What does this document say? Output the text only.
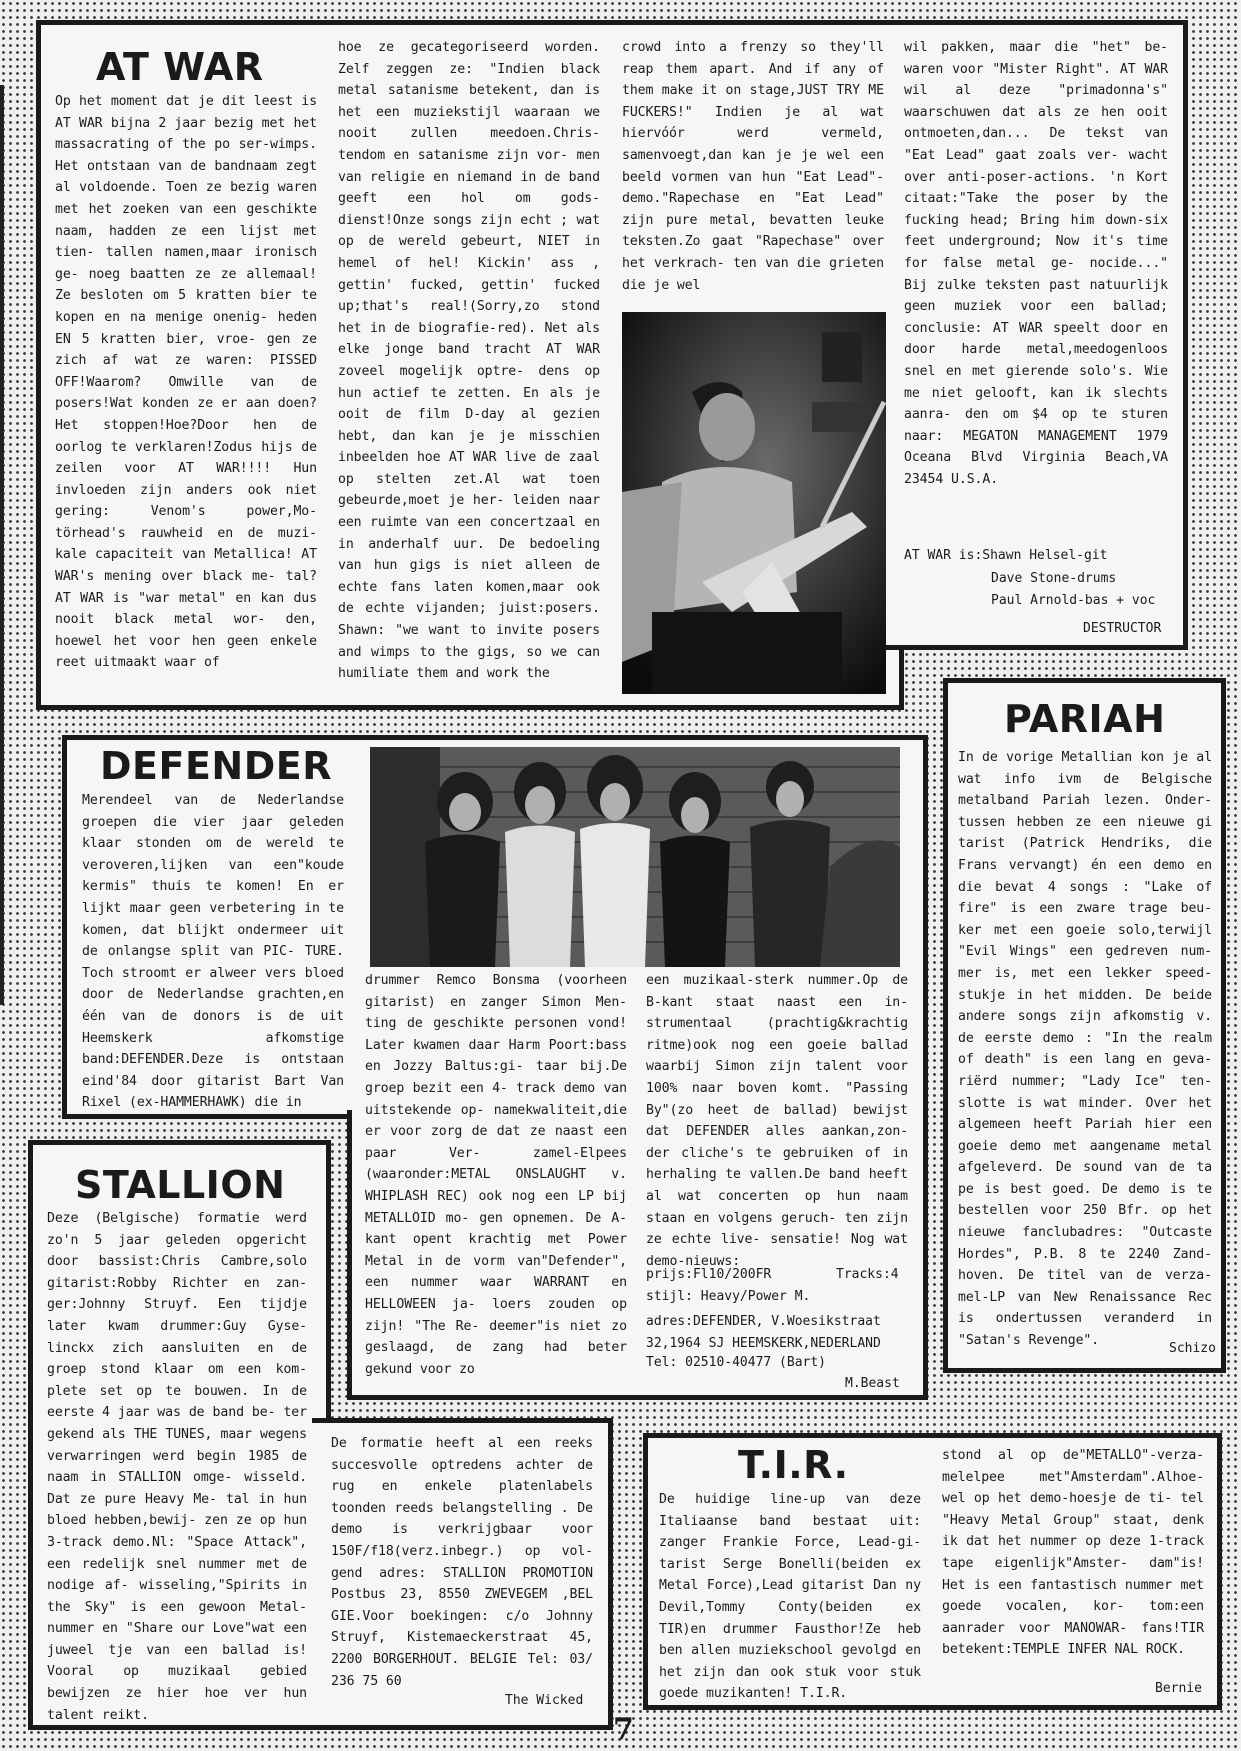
AT WAR
Op het moment dat je dit leest is AT WAR bijna 2 jaar bezig met het massacrating of the po ser-wimps. Het ontstaan van de bandnaam zegt al voldoende. Toen ze bezig waren met het zoeken van een geschikte naam, hadden ze een lijst met tien- tallen namen,maar ironisch ge- noeg baatten ze ze allemaal! Ze besloten om 5 kratten bier te kopen en na menige onenig- heden EN 5 kratten bier, vroe- gen ze zich af wat ze waren: PISSED OFF!Waarom? Omwille van de posers!Wat konden ze er aan doen? Het stoppen!Hoe?Door hen de oorlog te verklaren!Zodus hijs de zeilen voor AT WAR!!!! Hun invloeden zijn anders ook niet gering: Venom's power,Mo- törhead's rauwheid en de muzi- kale capaciteit van Metallica! AT WAR's mening over black me- tal? AT WAR is "war metal" en kan dus nooit black metal wor- den, hoewel het voor hen geen enkele reet uitmaakt waar of
hoe ze gecategoriseerd worden. Zelf zeggen ze: "Indien black metal satanisme betekent, dan is het een muziekstijl waaraan we nooit zullen meedoen.Chris- tendom en satanisme zijn vor- men van religie en niemand in de band geeft een hol om gods- dienst!Onze songs zijn echt ; wat op de wereld gebeurt, NIET in hemel of hel! Kickin' ass , gettin' fucked, gettin' fucked up;that's real!(Sorry,zo stond het in de biografie-red). Net als elke jonge band tracht AT WAR zoveel mogelijk optre- dens op hun actief te zetten. En als je ooit de film D-day al gezien hebt, dan kan je je misschien inbeelden hoe AT WAR live de zaal op stelten zet.Al wat toen gebeurde,moet je her- leiden naar een ruimte van een concertzaal en in anderhalf uur. De bedoeling van hun gigs is niet alleen de echte fans laten komen,maar ook de echte vijanden; juist:posers. Shawn: "we want to invite posers and wimps to the gigs, so we can humiliate them and work the
crowd into a frenzy so they'll reap them apart. And if any of them make it on stage,JUST TRY ME FUCKERS!" Indien je al wat hiervóór werd vermeld, samenvoegt,dan kan je je wel een beeld vormen van hun "Eat Lead"-demo."Rapechase en "Eat Lead" zijn pure metal, bevatten leuke teksten.Zo gaat "Rapechase" over het verkrach- ten van die grieten die je wel
wil pakken, maar die "het" be- waren voor "Mister Right". AT WAR wil al deze "primadonna's" waarschuwen dat als ze hen ooit ontmoeten,dan... De tekst van "Eat Lead" gaat zoals ver- wacht over anti-poser-actions. 'n Kort citaat:"Take the poser by the fucking head; Bring him down-six feet underground; Now it's time for false metal ge- nocide..." Bij zulke teksten past natuurlijk geen muziek voor een ballad; conclusie: AT WAR speelt door en door harde metal,meedogenloos snel en met gierende solo's. Wie me niet gelooft, kan ik slechts aanra- den om $4 op te sturen naar: MEGATON MANAGEMENT 1979 Oceana Blvd Virginia Beach,VA 23454 U.S.A.
AT WAR is:Shawn Helsel-git
Dave Stone-drums
Paul Arnold-bas + voc
DESTRUCTOR
PARIAH
In de vorige Metallian kon je al wat info ivm de Belgische metalband Pariah lezen. Onder- tussen hebben ze een nieuwe gi tarist (Patrick Hendriks, die Frans vervangt) én een demo en die bevat 4 songs : "Lake of fire" is een zware trage beu- ker met een goeie solo,terwijl "Evil Wings" een gedreven num- mer is, met een lekker speed- stukje in het midden. De beide andere songs zijn afkomstig v. de eerste demo : "In the realm of death" is een lang en geva- riërd nummer; "Lady Ice" ten- slotte is wat minder. Over het algemeen heeft Pariah hier een goeie demo met aangename metal afgeleverd. De sound van de ta pe is best goed. De demo is te bestellen voor 250 Bfr. op het nieuwe fanclubadres: "Outcaste Hordes", P.B. 8 te 2240 Zand- hoven. De titel van de verza- mel-LP van New Renaissance Rec is ondertussen veranderd in "Satan's Revenge".
Schizo
DEFENDER
Merendeel van de Nederlandse groepen die vier jaar geleden klaar stonden om de wereld te veroveren,lijken van een"koude kermis" thuis te komen! En er lijkt maar geen verbetering in te komen, dat blijkt ondermeer uit de onlangse split van PIC- TURE. Toch stroomt er alweer vers bloed door de Nederlandse grachten,en één van de donors is de uit Heemskerk afkomstige band:DEFENDER.Deze is ontstaan eind'84 door gitarist Bart Van Rixel (ex-HAMMERHAWK) die in
drummer Remco Bonsma (voorheen gitarist) en zanger Simon Men- ting de geschikte personen vond! Later kwamen daar Harm Poort:bass en Jozzy Baltus:gi- taar bij.De groep bezit een 4- track demo van uitstekende op- namekwaliteit,die er voor zorg de dat ze naast een paar Ver- zamel-Elpees (waaronder:METAL ONSLAUGHT v. WHIPLASH REC) ook nog een LP bij METALLOID mo- gen opnemen. De A-kant opent krachtig met Power Metal in de vorm van"Defender", een nummer waar WARRANT en HELLOWEEN ja- loers zouden op zijn! "The Re- deemer"is niet zo geslaagd, de zang had beter gekund voor zo
een muzikaal-sterk nummer.Op de B-kant staat naast een in- strumentaal (prachtig&krachtig ritme)ook nog een goeie ballad waarbij Simon zijn talent voor 100% naar boven komt. "Passing By"(zo heet de ballad) bewijst dat DEFENDER alles aankan,zon- der cliche's te gebruiken of in herhaling te vallen.De band heeft al wat concerten op hun naam staan en volgens geruch- ten zijn ze echte live- sensatie! Nog wat demo-nieuws:
prijs:Fl10/200FR	Tracks:4
stijl: Heavy/Power M.
adres:DEFENDER, V.Woesikstraat 32,1964 SJ HEEMSKERK,NEDERLAND
Tel: 02510-40477 (Bart)
M.Beast
STALLION
Deze (Belgische) formatie werd zo'n 5 jaar geleden opgericht door bassist:Chris Cambre,solo gitarist:Robby Richter en zan- ger:Johnny Struyf. Een tijdje later kwam drummer:Guy Gyse- linckx zich aansluiten en de groep stond klaar om een kom- plete set op te bouwen. In de eerste 4 jaar was de band be- ter gekend als THE TUNES, maar wegens verwarringen werd begin 1985 de naam in STALLION omge- wisseld. Dat ze pure Heavy Me- tal in hun bloed hebben,bewij- zen ze op hun 3-track demo.Nl: "Space Attack", een redelijk snel nummer met de nodige af- wisseling,"Spirits in the Sky" is een gewoon Metal-nummer en "Share our Love"wat een juweel tje van een ballad is! Vooral op muzikaal gebied bewijzen ze hier hoe ver hun talent reikt.
De formatie heeft al een reeks succesvolle optredens achter de rug en enkele platenlabels toonden reeds belangstelling . De demo is verkrijgbaar voor 150F/f18(verz.inbegr.) op vol- gend adres: STALLION PROMOTION Postbus 23, 8550 ZWEVEGEM ,BEL GIE.Voor boekingen: c/o Johnny Struyf, Kistemaeckerstraat 45, 2200 BORGERHOUT. BELGIE Tel: 03/ 236 75 60
The Wicked
T.I.R.
De huidige line-up van deze Italiaanse band bestaat uit: zanger Frankie Force, Lead-gi- tarist Serge Bonelli(beiden ex Metal Force),Lead gitarist Dan ny Devil,Tommy Conty(beiden ex TIR)en drummer Fausthor!Ze heb ben allen muziekschool gevolgd en het zijn dan ook stuk voor stuk goede muzikanten! T.I.R.
stond al op de"METALLO"-verza- melelpee met"Amsterdam".Alhoe- wel op het demo-hoesje de ti- tel "Heavy Metal Group" staat, denk ik dat het nummer op deze 1-track tape eigenlijk"Amster- dam"is! Het is een fantastisch nummer met goede vocalen, kor- tom:een aanrader voor MANOWAR- fans!TIR betekent:TEMPLE INFER NAL ROCK.
Bernie
7
